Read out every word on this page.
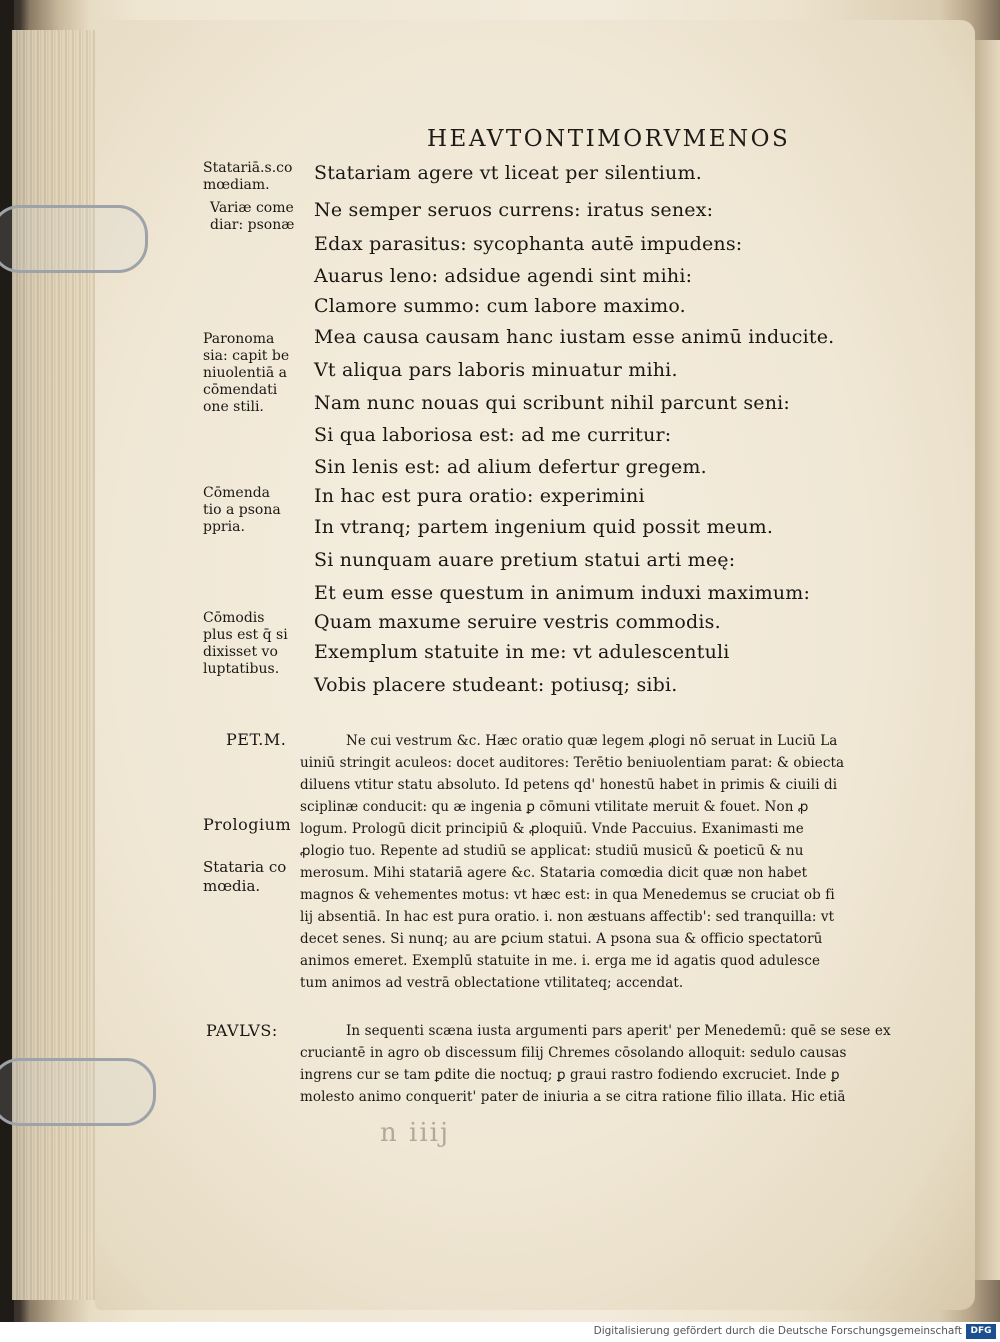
HEAVTONTIMORVMENOS
Statariam agere vt liceat per silentium.
Ne semper seruos currens: iratus senex:
Edax parasitus: sycophanta autē impudens:
Auarus leno: adsidue agendi sint mihi:
Clamore summo: cum labore maximo.
Mea causa causam hanc iustam esse animū inducite.
Vt aliqua pars laboris minuatur mihi.
Nam nunc nouas qui scribunt nihil parcunt seni:
Si qua laboriosa est: ad me curritur:
Sin lenis est: ad alium defertur gregem.
In hac est pura oratio: experimini
In vtranq; partem ingenium quid possit meum.
Si nunquam auare pretium statui arti meę:
Et eum esse questum in animum induxi maximum:
Quam maxume seruire vestris commodis.
Exemplum statuite in me: vt adulescentuli
Vobis placere studeant: potiusq; sibi.
Statariā.s.co
mœdiam.
Variæ come
diar: psonæ
Paronoma
sia: capit be
niuolentiā a
cōmendati
one stili.
Cōmenda
tio a psona
ppria.
Cōmodis
plus est q̄ si
dixisset vo
luptatibus.
PET.M.
Prologium
Stataria co
mœdia.
PAVLVS:
Ne cui vestrum &c. Hæc oratio quæ legem ꝓlogi nō seruat in Luciū La
uiniū stringit aculeos: docet auditores: Terētio beniuolentiam parat: & obiecta
diluens vtitur statu absoluto. Id petens qd' honestū habet in primis & ciuili di
sciplinæ conducit: qu æ ingenia ꝑ cōmuni vtilitate meruit & fouet. Non ꝓ
logum. Prologū dicit principiū & ꝓloquiū. Vnde Paccuius. Exanimasti me
ꝓlogio tuo. Repente ad studiū se applicat: studiū musicū & poeticū & nu
merosum. Mihi statariā agere &c. Stataria comœdia dicit quæ non habet
magnos & vehementes motus: vt hæc est: in qua Menedemus se cruciat ob fi
lij absentiā. In hac est pura oratio. i. non æstuans affectib': sed tranquilla: vt
decet senes. Si nunq; au are ꝑcium statui. A psona sua & officio spectatorū
animos emeret. Exemplū statuite in me. i. erga me id agatis quod adulesce
tum animos ad vestrā oblectatione vtilitateq; accendat.
In sequenti scæna iusta argumenti pars aperit' per Menedemū: quē se sese ex
cruciantē in agro ob discessum filij Chremes cōsolando alloquit: sedulo causas
ingrens cur se tam ꝑdite die noctuq; ꝑ graui rastro fodiendo excruciet. Inde ꝑ
molesto animo conquerit' pater de iniuria a se citra ratione filio illata. Hic etiā
n iiij
Digitalisierung gefördert durch die Deutsche Forschungsgemeinschaft DFG
